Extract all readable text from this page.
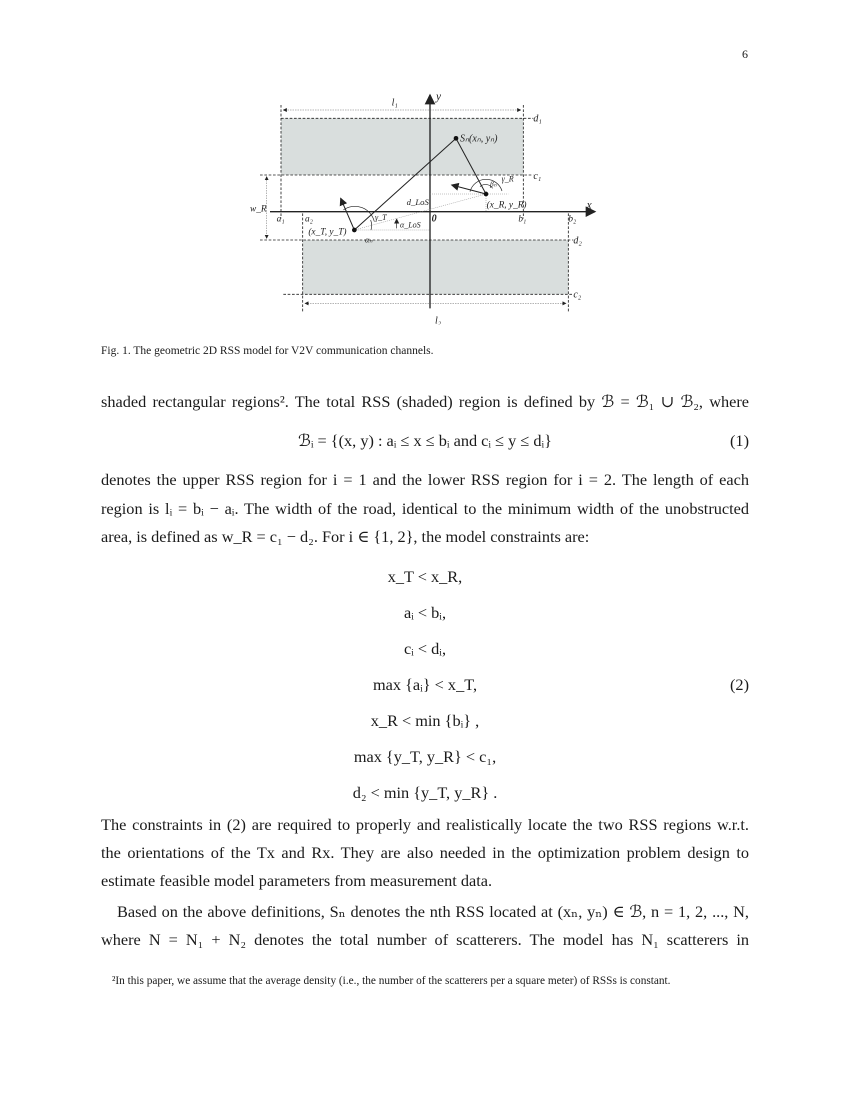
6
l₁
l₂
y
x
d₁
c₁
d₂
c₂
w_R
a₁ a₂	b₁ b₂
0
Sₙ(xₙ, yₙ)
(x_T, y_T)
(x_R, y_R)
d_LoS
α_LoS
αₙ
γ_T
γ_R
βₙ
Fig. 1. The geometric 2D RSS model for V2V communication channels.
shaded rectangular regions². The total RSS (shaded) region is defined by ℬ = ℬ₁ ∪ ℬ₂, where
ℬᵢ = {(x, y) : aᵢ ≤ x ≤ bᵢ and cᵢ ≤ y ≤ dᵢ}	(1)
denotes the upper RSS region for i = 1 and the lower RSS region for i = 2. The length of each
region is lᵢ = bᵢ − aᵢ. The width of the road, identical to the minimum width of the unobstructed
area, is defined as w_R = c₁ − d₂. For i ∈ {1, 2}, the model constraints are:
x_T < x_R,
aᵢ < bᵢ,
cᵢ < dᵢ,
max {aᵢ} < x_T,
x_R < min {bᵢ} ,
max {y_T, y_R} < c₁,
d₂ < min {y_T, y_R} .
(2)
The constraints in (2) are required to properly and realistically locate the two RSS regions w.r.t.
the orientations of the Tx and Rx. They are also needed in the optimization problem design to
estimate feasible model parameters from measurement data.
Based on the above definitions, Sₙ denotes the nth RSS located at (xₙ, yₙ) ∈ ℬ, n = 1, 2, ..., N,
where N = N₁ + N₂ denotes the total number of scatterers. The model has N₁ scatterers in
²In this paper, we assume that the average density (i.e., the number of the scatterers per a square meter) of RSSs is constant.
